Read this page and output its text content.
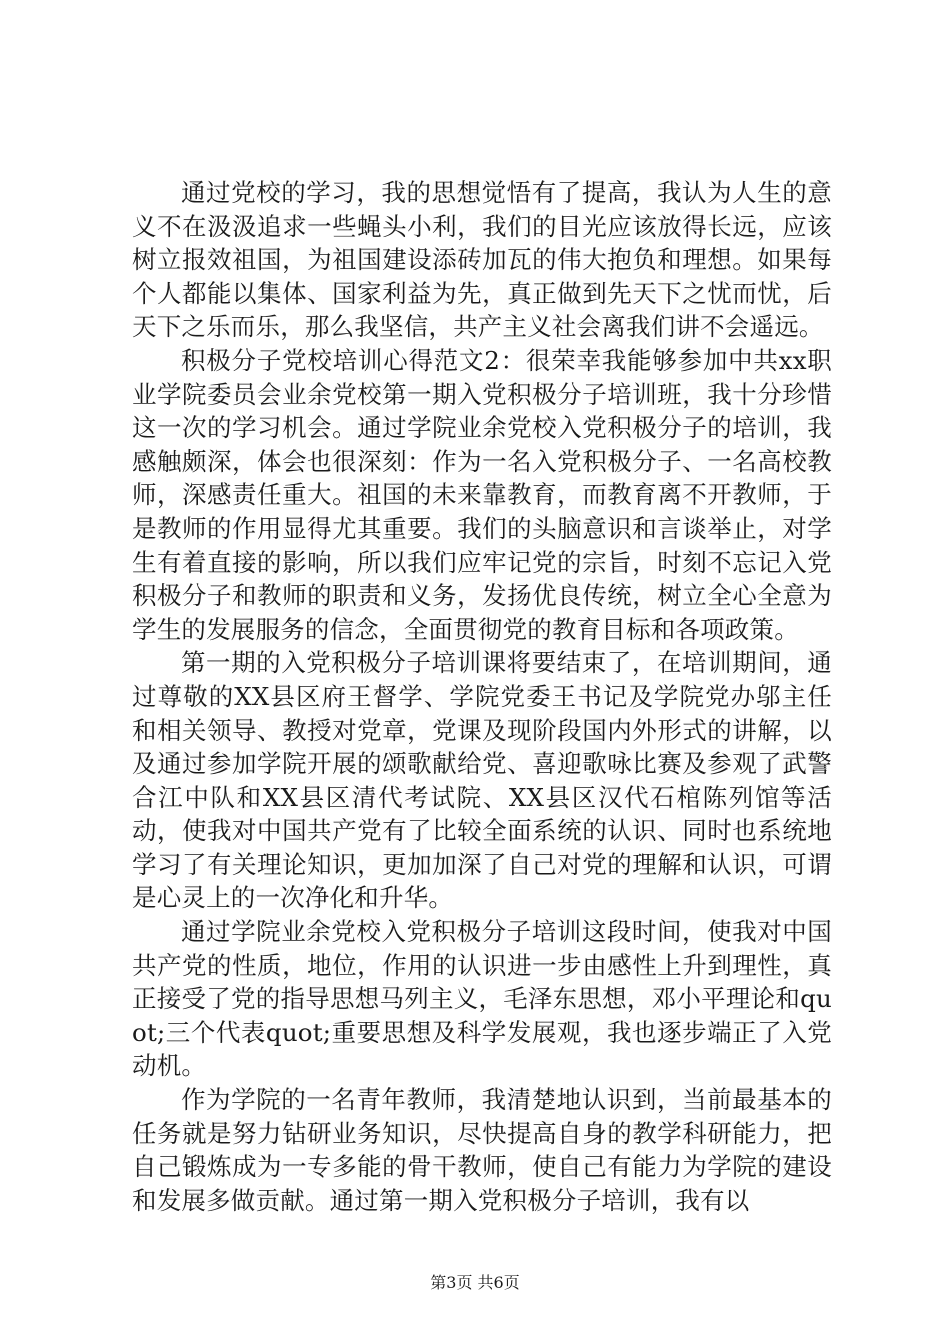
通过党校的学习，我的思想觉悟有了提高，我认为人生的意义不在汲汲追求一些蝇头小利，我们的目光应该放得长远，应该树立报效祖国，为祖国建设添砖加瓦的伟大抱负和理想。如果每个人都能以集体、国家利益为先，真正做到先天下之忧而忧，后天下之乐而乐，那么我坚信，共产主义社会离我们讲不会遥远。

积极分子党校培训心得范文2：很荣幸我能够参加中共xx职业学院委员会业余党校第一期入党积极分子培训班，我十分珍惜这一次的学习机会。通过学院业余党校入党积极分子的培训，我感触颇深，体会也很深刻：作为一名入党积极分子、一名高校教师，深感责任重大。祖国的未来靠教育，而教育离不开教师，于是教师的作用显得尤其重要。我们的头脑意识和言谈举止，对学生有着直接的影响，所以我们应牢记党的宗旨，时刻不忘记入党积极分子和教师的职责和义务，发扬优良传统，树立全心全意为学生的发展服务的信念，全面贯彻党的教育目标和各项政策。

第一期的入党积极分子培训课将要结束了，在培训期间，通过尊敬的XX县区府王督学、学院党委王书记及学院党办邬主任和相关领导、教授对党章，党课及现阶段国内外形式的讲解，以及通过参加学院开展的颂歌献给党、喜迎歌咏比赛及参观了武警合江中队和XX县区清代考试院、XX县区汉代石棺陈列馆等活动，使我对中国共产党有了比较全面系统的认识、同时也系统地学习了有关理论知识，更加加深了自己对党的理解和认识，可谓是心灵上的一次净化和升华。

通过学院业余党校入党积极分子培训这段时间，使我对中国共产党的性质，地位，作用的认识进一步由感性上升到理性，真正接受了党的指导思想马列主义，毛泽东思想，邓小平理论和quot;三个代表quot;重要思想及科学发展观，我也逐步端正了入党动机。

作为学院的一名青年教师，我清楚地认识到，当前最基本的任务就是努力钻研业务知识，尽快提高自身的教学科研能力，把自己锻炼成为一专多能的骨干教师，使自己有能力为学院的建设和发展多做贡献。通过第一期入党积极分子培训，我有以

第3页 共6页
